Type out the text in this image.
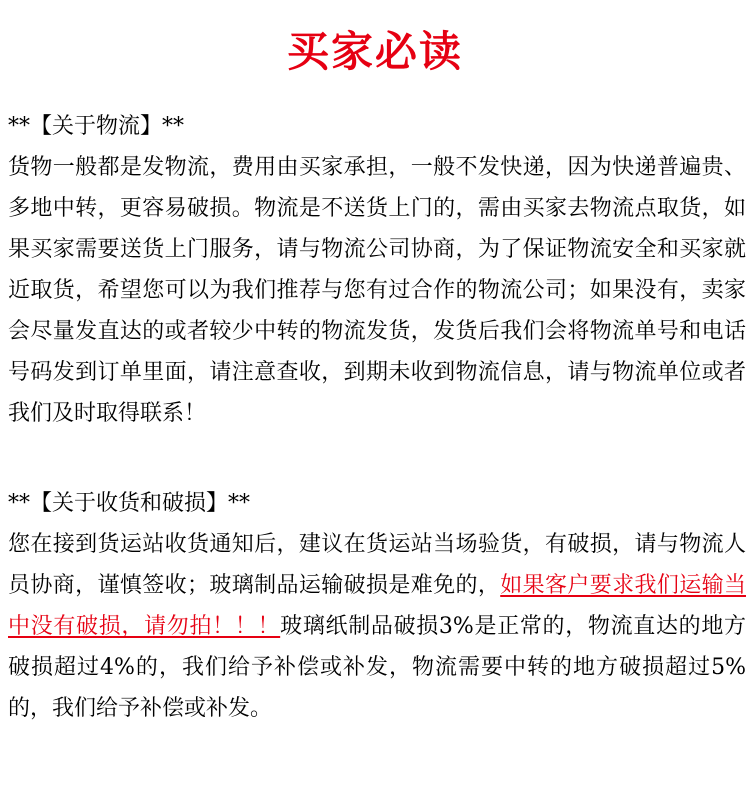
买家必读
**【关于物流】**
货物一般都是发物流，费用由买家承担，一般不发快递，因为快递普遍贵、多地中转，更容易破损。物流是不送货上门的，需由买家去物流点取货，如果买家需要送货上门服务，请与物流公司协商，为了保证物流安全和买家就近取货，希望您可以为我们推荐与您有过合作的物流公司；如果没有，卖家会尽量发直达的或者较少中转的物流发货，发货后我们会将物流单号和电话号码发到订单里面，请注意查收，到期未收到物流信息，请与物流单位或者我们及时取得联系！
**【关于收货和破损】**
您在接到货运站收货通知后，建议在货运站当场验货，有破损，请与物流人员协商，谨慎签收；玻璃制品运输破损是难免的，如果客户要求我们运输当中没有破损，请勿拍！！！玻璃纸制品破损3%是正常的，物流直达的地方破损超过4%的，我们给予补偿或补发，物流需要中转的地方破损超过5%的，我们给予补偿或补发。
